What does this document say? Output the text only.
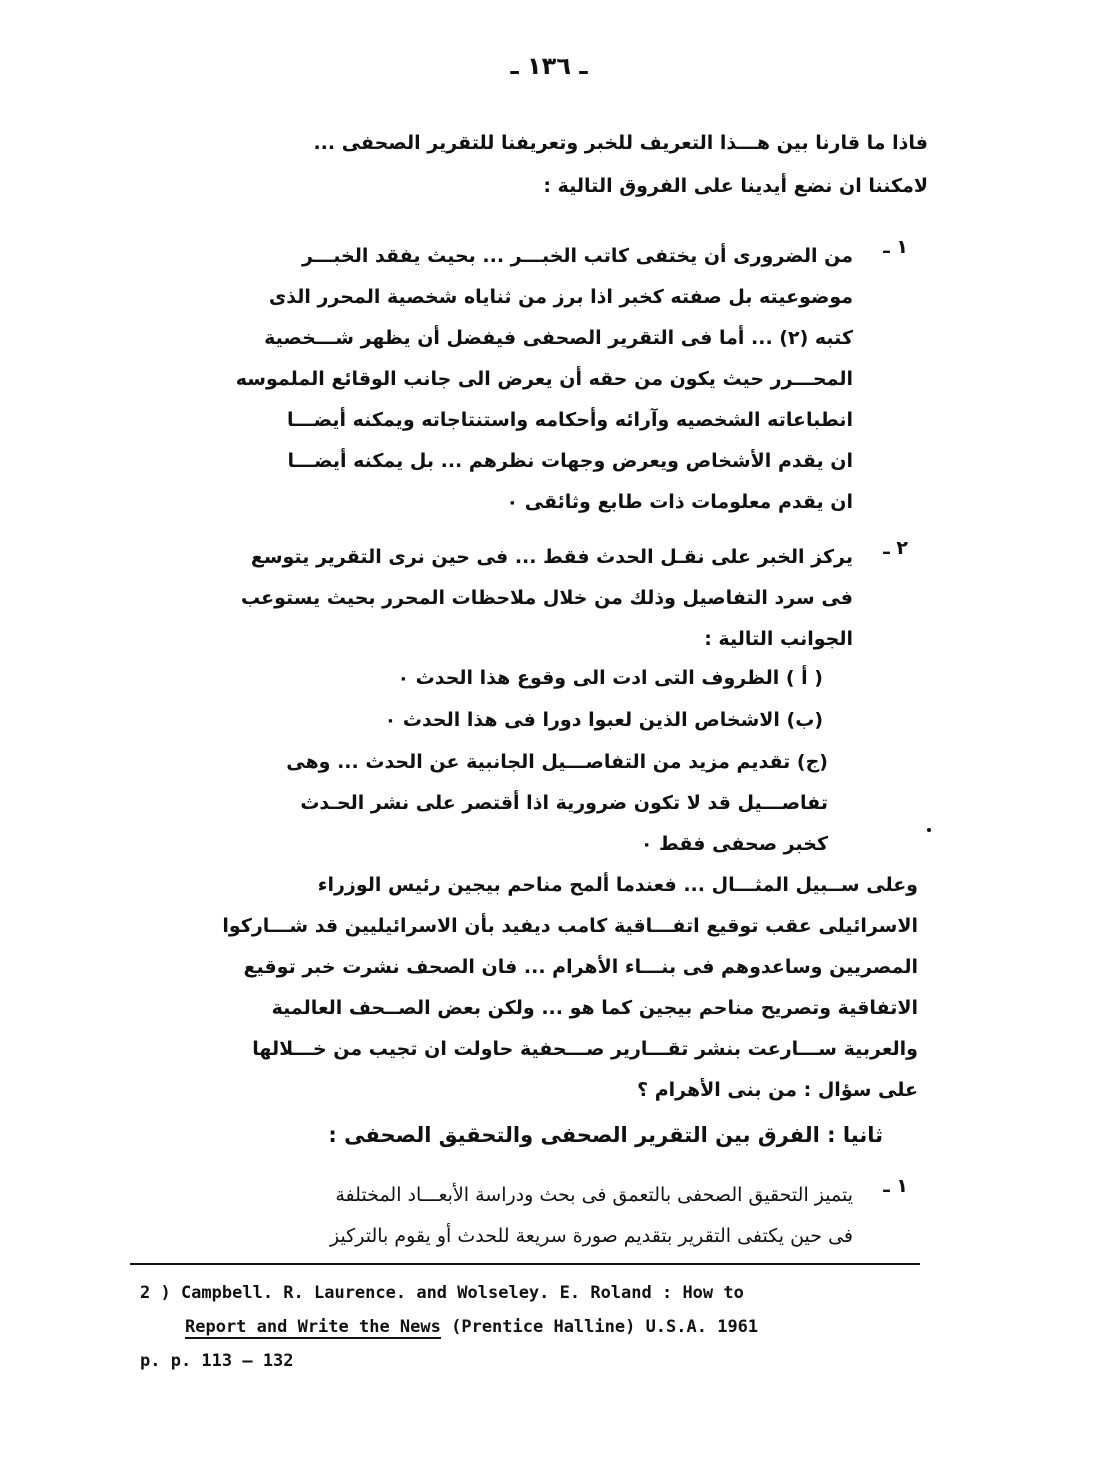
ـ ١٣٦ ـ
فاذا ما قارنا بين هـــذا التعريف للخبر وتعريفنا للتقرير الصحفى ...
لامكننا ان نضع أيدينا على الفروق التالية :
١ ـ
من الضرورى أن يختفى كاتب الخبـــر ... بحيث يفقد الخبـــر
موضوعيته بل صفته كخبر اذا برز من ثناياه شخصية المحرر الذى
كتبه (٢) ... أما فى التقرير الصحفى فيفضل أن يظهر شـــخصية
المحـــرر حيث يكون من حقه أن يعرض الى جانب الوقائع الملموسه
انطباعاته الشخصيه وآرائه وأحكامه واستنتاجاته ويمكنه أيضـــا
ان يقدم الأشخاص ويعرض وجهات نظرهم ... بل يمكنه أيضـــا
ان يقدم معلومات ذات طابع وثائقى ٠
٢ ـ
يركز الخبر على نقـل الحدث فقط ... فى حين نرى التقرير يتوسع
فى سرد التفاصيل وذلك من خلال ملاحظات المحرر بحيث يستوعب
الجوانب التالية :
( أ ) الظروف التى ادت الى وقوع هذا الحدث ٠
(ب) الاشخاص الذين لعبوا دورا فى هذا الحدث ٠
(ج) تقديم مزيد من التفاصـــيل الجانبية عن الحدث ... وهى
تفاصـــيل قد لا تكون ضرورية اذا أقتصر على نشر الحـدث
كخبر صحفى فقط ٠
وعلى ســبيل المثـــال ... فعندما ألمح مناحم بيجين رئيس الوزراء
الاسرائيلى عقب توقيع اتفـــاقية كامب ديفيد بأن الاسرائيليين قد شـــاركوا
المصريين وساعدوهم فى بنـــاء الأهرام ... فان الصحف نشرت خبر توقيع
الاتفاقية وتصريح مناحم بيجين كما هو ... ولكن بعض الصــحف العالمية
والعربية ســـارعت بنشر تقـــارير صـــحفية حاولت ان تجيب من خـــلالها
على سؤال : من بنى الأهرام ؟
ثانيا : الفرق بين التقرير الصحفى والتحقيق الصحفى :
١ ـ
يتميز التحقيق الصحفى بالتعمق فى بحث ودراسة الأبعـــاد المختلفة
فى حين يكتفى التقرير بتقديم صورة سريعة للحدث أو يقوم بالتركيز
2 ) Campbell. R. Laurence. and Wolseley. E. Roland : How to
Report and Write the News (Prentice Halline) U.S.A. 1961
p. p. 113 — 132
